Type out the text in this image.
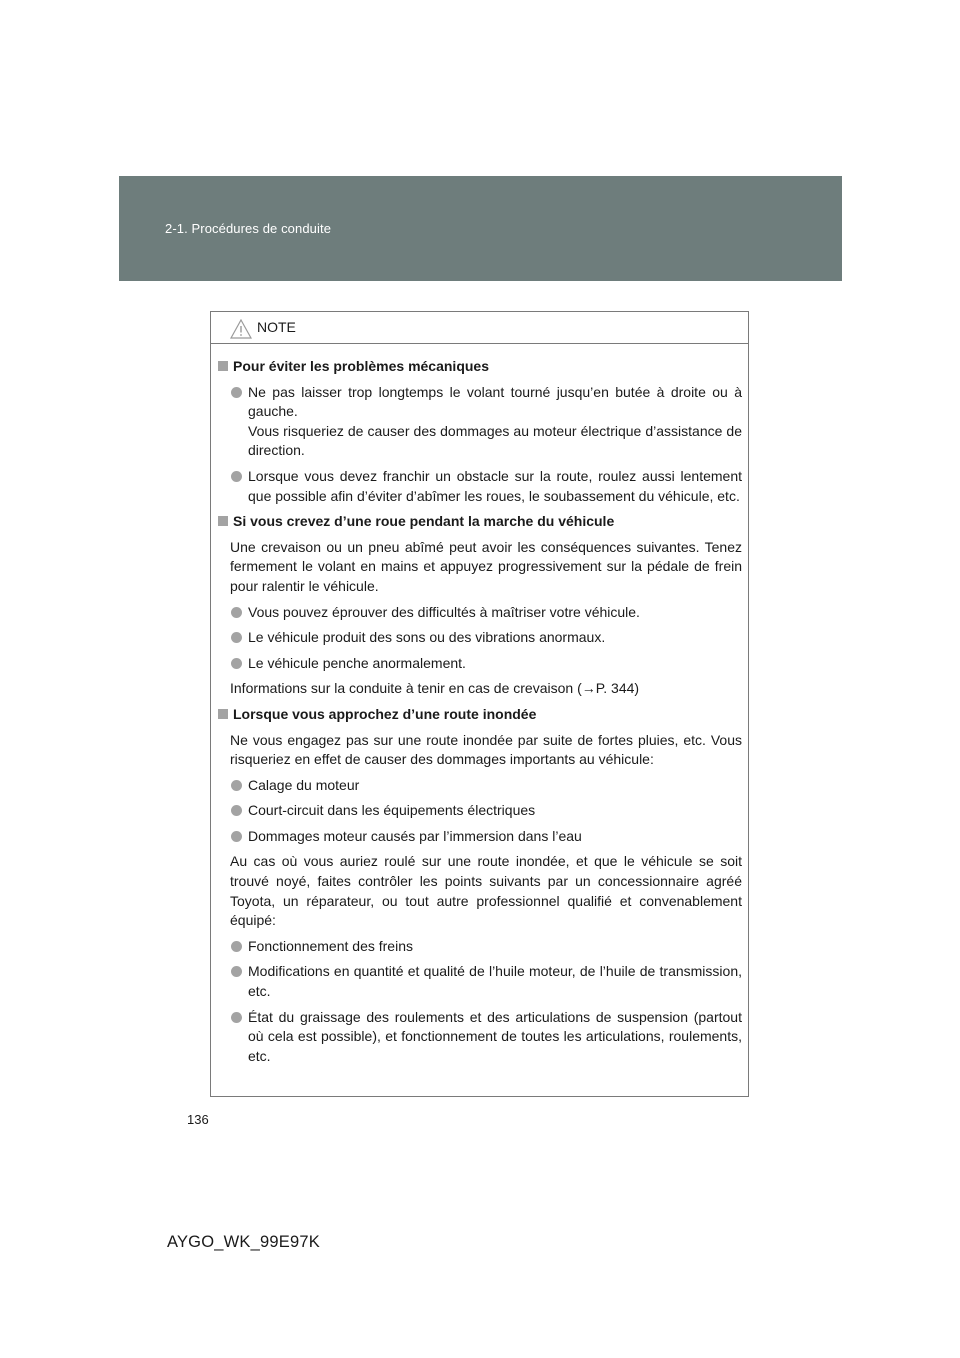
2-1. Procédures de conduite
NOTE
Pour éviter les problèmes mécaniques
Ne pas laisser trop longtemps le volant tourné jusqu’en butée à droite ou à gauche.
Vous risqueriez de causer des dommages au moteur électrique d’assistance de direction.
Lorsque vous devez franchir un obstacle sur la route, roulez aussi lentement que possible afin d’éviter d’abîmer les roues, le soubassement du véhicule, etc.
Si vous crevez d’une roue pendant la marche du véhicule
Une crevaison ou un pneu abîmé peut avoir les conséquences suivantes. Tenez fermement le volant en mains et appuyez progressivement sur la pédale de frein pour ralentir le véhicule.
Vous pouvez éprouver des difficultés à maîtriser votre véhicule.
Le véhicule produit des sons ou des vibrations anormaux.
Le véhicule penche anormalement.
Informations sur la conduite à tenir en cas de crevaison (→P. 344)
Lorsque vous approchez d’une route inondée
Ne vous engagez pas sur une route inondée par suite de fortes pluies, etc. Vous risqueriez en effet de causer des dommages importants au véhicule:
Calage du moteur
Court-circuit dans les équipements électriques
Dommages moteur causés par l’immersion dans l’eau
Au cas où vous auriez roulé sur une route inondée, et que le véhicule se soit trouvé noyé, faites contrôler les points suivants par un concessionnaire agréé Toyota, un réparateur, ou tout autre professionnel qualifié et convenablement équipé:
Fonctionnement des freins
Modifications en quantité et qualité de l’huile moteur, de l’huile de transmission, etc.
État du graissage des roulements et des articulations de suspension (partout où cela est possible), et fonctionnement de toutes les articulations, roulements, etc.
136
AYGO_WK_99E97K
